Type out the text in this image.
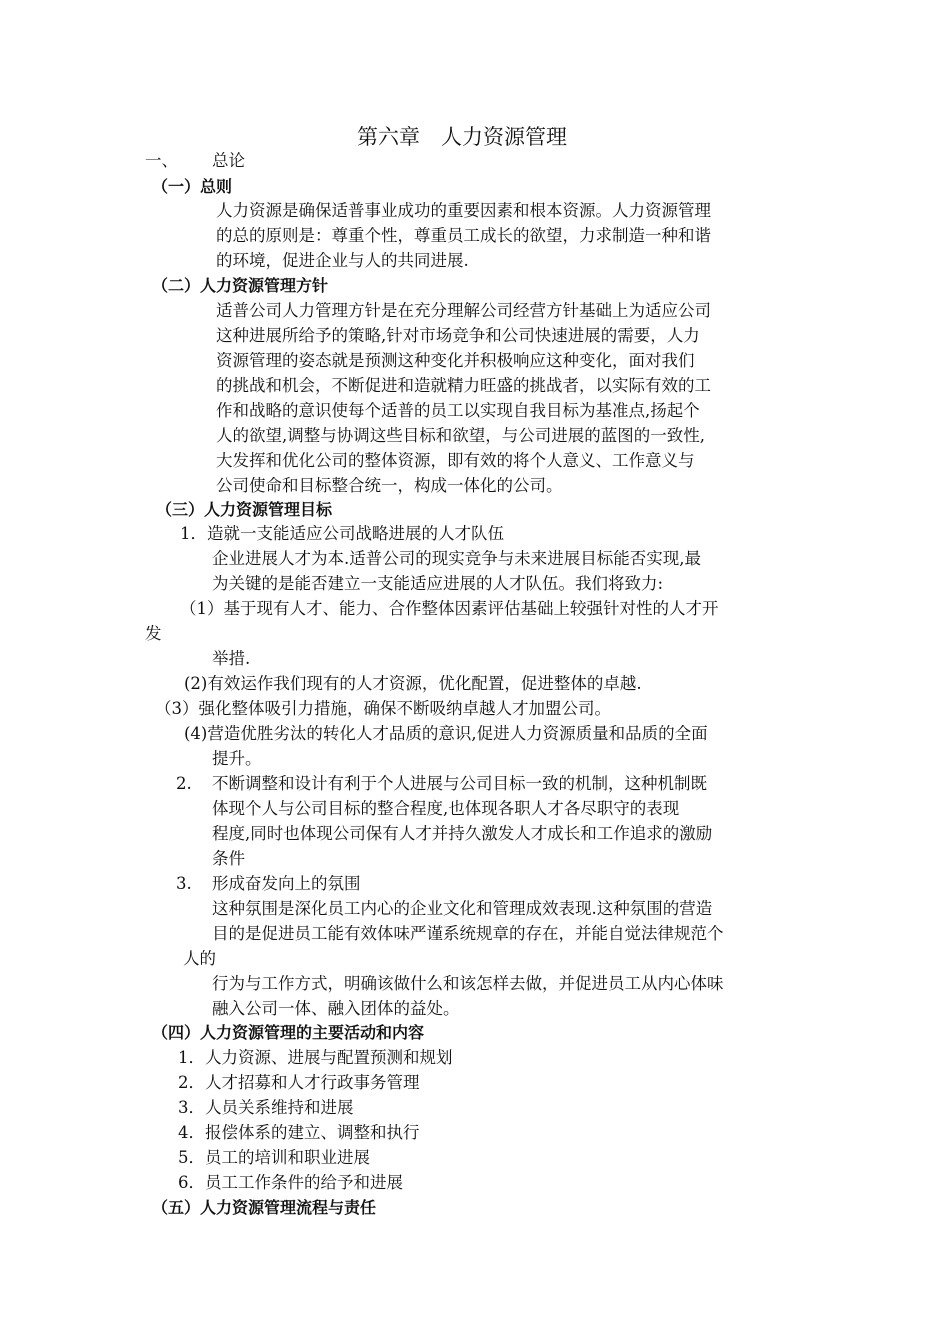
第六章　人力资源管理
一、 总论
（一）总则
人力资源是确保适普事业成功的重要因素和根本资源。人力资源管理
的总的原则是：尊重个性，尊重员工成长的欲望，力求制造一种和谐
的环境，促进企业与人的共同进展.
（二）人力资源管理方针
适普公司人力管理方针是在充分理解公司经营方针基础上为适应公司
这种进展所给予的策略,针对市场竞争和公司快速进展的需要，人力
资源管理的姿态就是预测这种变化并积极响应这种变化，面对我们
的挑战和机会，不断促进和造就精力旺盛的挑战者，以实际有效的工
作和战略的意识使每个适普的员工以实现自我目标为基准点,扬起个
人的欲望,调整与协调这些目标和欲望，与公司进展的蓝图的一致性,
大发挥和优化公司的整体资源，即有效的将个人意义、工作意义与
公司使命和目标整合统一，构成一体化的公司。
（三）人力资源管理目标
1．造就一支能适应公司战略进展的人才队伍
企业进展人才为本.适普公司的现实竞争与未来进展目标能否实现,最
为关键的是能否建立一支能适应进展的人才队伍。我们将致力:
（1）基于现有人才、能力、合作整体因素评估基础上较强针对性的人才开
发
举措.
(2)有效运作我们现有的人才资源，优化配置，促进整体的卓越.
（3）强化整体吸引力措施，确保不断吸纳卓越人才加盟公司。
(4)营造优胜劣汰的转化人才品质的意识,促进人力资源质量和品质的全面
提升。
2. 不断调整和设计有利于个人进展与公司目标一致的机制，这种机制既
体现个人与公司目标的整合程度,也体现各职人才各尽职守的表现
程度,同时也体现公司保有人才并持久激发人才成长和工作追求的激励
条件
3. 形成奋发向上的氛围
这种氛围是深化员工内心的企业文化和管理成效表现.这种氛围的营造
目的是促进员工能有效体味严谨系统规章的存在，并能自觉法律规范个
人的
行为与工作方式，明确该做什么和该怎样去做，并促进员工从内心体味
融入公司一体、融入团体的益处。
（四）人力资源管理的主要活动和内容
1．人力资源、进展与配置预测和规划
2．人才招募和人才行政事务管理
3．人员关系维持和进展
4．报偿体系的建立、调整和执行
5．员工的培训和职业进展
6．员工工作条件的给予和进展
（五）人力资源管理流程与责任
